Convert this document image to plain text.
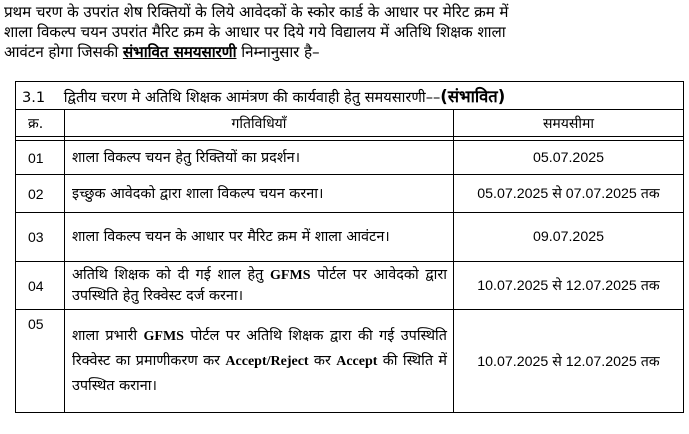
प्रथम चरण के उपरांत शेष रिक्तियों के लिये आवेदकों के स्कोर कार्ड के आधार पर मेरिट क्रम में
शाला विकल्प चयन उपरांत मैरिट क्रम के आधार पर दिये गये विद्यालय में अतिथि शिक्षक शाला
आवंटन होगा जिसकी संभावित समयसारणी निम्नानुसार है–
3.1 द्वितीय चरण मे अतिथि शिक्षक आमंत्रण की कार्यवाही हेतु समयसारणी––(संभावित)		
क्र.	गतिविधियाँ	समयसीमा

01	शाला विकल्प चयन हेतु रिक्तियों का प्रदर्शन।	05.07.2025
02	इच्छुक आवेदको द्वारा शाला विकल्प चयन करना।	05.07.2025 से 07.07.2025 तक
03	शाला विकल्प चयन के आधार पर मैरिट क्रम में शाला आवंटन।	09.07.2025
04	अतिथि शिक्षक को दी गई शाल हेतु GFMS पोर्टल पर आवेदको द्वारा उपस्थिति हेतु रिक्वेस्ट दर्ज करना।	10.07.2025 से 12.07.2025 तक
05	शाला प्रभारी GFMS पोर्टल पर अतिथि शिक्षक द्वारा की गई उपस्थिति रिक्वेस्ट का प्रमाणीकरण कर Accept/Reject कर Accept की स्थिति में उपस्थित कराना।	10.07.2025 से 12.07.2025 तक
